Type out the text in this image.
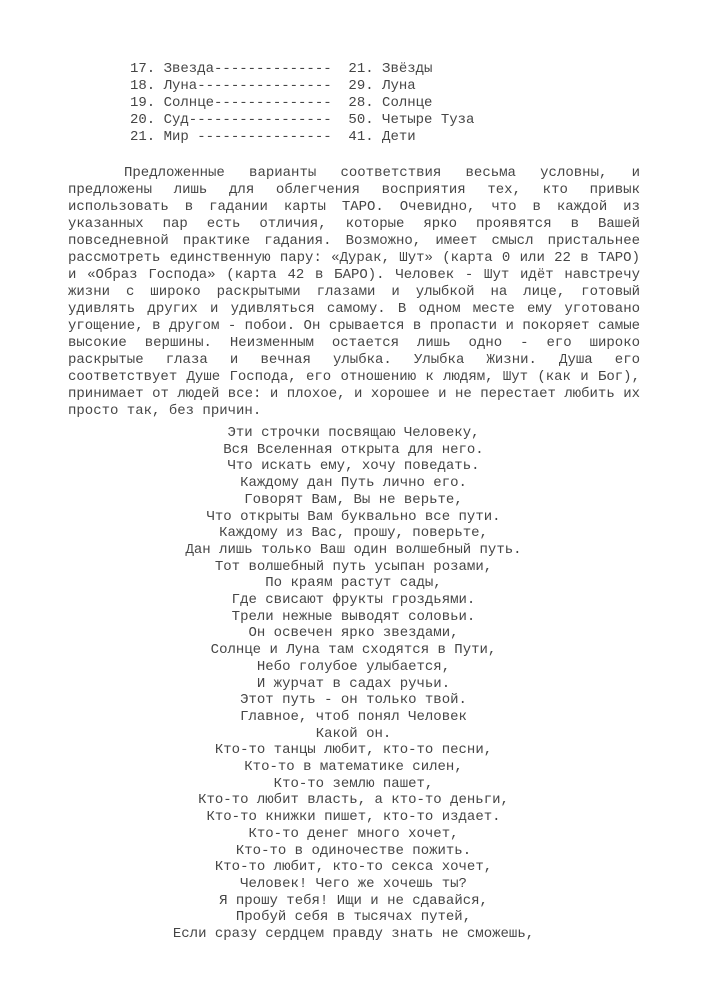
17. Звезда--------------  21. Звёзды
18. Луна----------------  29. Луна
19. Солнце--------------  28. Солнце
20. Суд-----------------  50. Четыре Туза
21. Мир ----------------  41. Дети
Предложенные варианты соответствия весьма условны, и
предложены лишь для облегчения восприятия тех, кто привык
использовать в гадании карты ТАРО. Очевидно, что в каждой из
указанных пар есть отличия, которые ярко проявятся в Вашей
повседневной практике гадания. Возможно, имеет смысл пристальнее
рассмотреть единственную пару: «Дурак, Шут» (карта 0 или 22 в ТАРО)
и «Образ Господа» (карта 42 в БАРО). Человек - Шут идёт навстречу
жизни с широко раскрытыми глазами и улыбкой на лице, готовый
удивлять других и удивляться самому. В одном месте ему уготовано
угощение, в другом - побои. Он срывается в пропасти и покоряет самые
высокие вершины. Неизменным остается лишь одно - его широко
раскрытые глаза и вечная улыбка. Улыбка Жизни. Душа его
соответствует Душе Господа, его отношению к людям, Шут (как и Бог),
принимает от людей все: и плохое, и хорошее и не перестает любить их
просто так, без причин.
Эти строчки посвящаю Человеку,
Вся Вселенная открыта для него.
Что искать ему, хочу поведать.
Каждому дан Путь лично его.
Говорят Вам, Вы не верьте,
Что открыты Вам буквально все пути.
Каждому из Вас, прошу, поверьте,
Дан лишь только Ваш один волшебный путь.
Тот волшебный путь усыпан розами,
По краям растут сады,
Где свисают фрукты гроздьями.
Трели нежные выводят соловьи.
Он освечен ярко звездами,
Солнце и Луна там сходятся в Пути,
Небо голубое улыбается,
И журчат в садах ручьи.
Этот путь - он только твой.
Главное, чтоб понял Человек
Какой он.
Кто-то танцы любит, кто-то песни,
Кто-то в математике силен,
Кто-то землю пашет,
Кто-то любит власть, а кто-то деньги,
Кто-то книжки пишет, кто-то издает.
Кто-то денег много хочет,
Кто-то в одиночестве пожить.
Кто-то любит, кто-то секса хочет,
Человек! Чего же хочешь ты?
Я прошу тебя! Ищи и не сдавайся,
Пробуй себя в тысячах путей,
Если сразу сердцем правду знать не сможешь,
